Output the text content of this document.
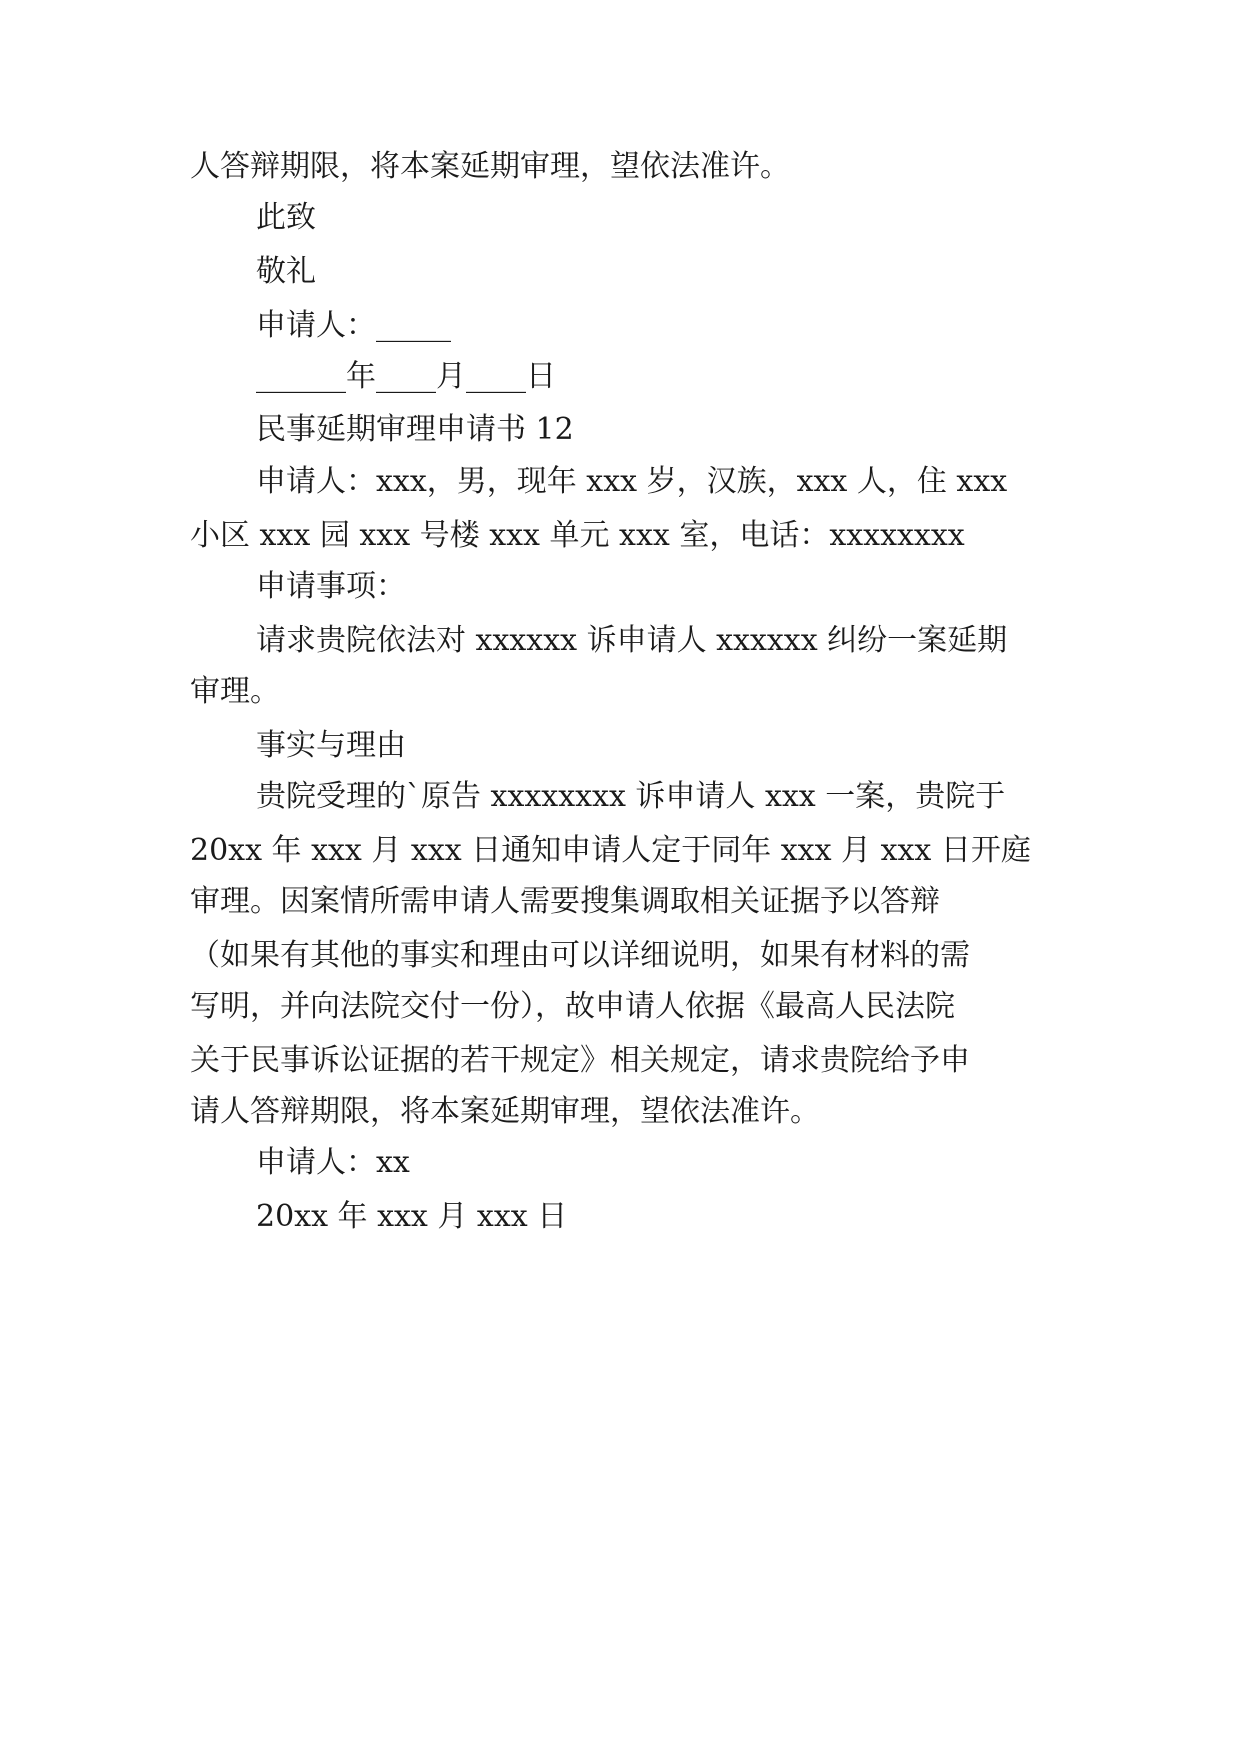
人答辩期限，将本案延期审理，望依法准许。
此致
敬礼
申请人：_____
______年____月____日
民事延期审理申请书 12
申请人：xxx，男，现年 xxx 岁，汉族，xxx 人，住 xxx
小区 xxx 园 xxx 号楼 xxx 单元 xxx 室，电话：xxxxxxxx
申请事项：
请求贵院依法对 xxxxxx 诉申请人 xxxxxx 纠纷一案延期
审理。
事实与理由
贵院受理的`原告 xxxxxxxx 诉申请人 xxx 一案，贵院于
20xx 年 xxx 月 xxx 日通知申请人定于同年 xxx 月 xxx 日开庭
审理。因案情所需申请人需要搜集调取相关证据予以答辩
（如果有其他的事实和理由可以详细说明，如果有材料的需
写明，并向法院交付一份），故申请人依据《最高人民法院
关于民事诉讼证据的若干规定》相关规定，请求贵院给予申
请人答辩期限，将本案延期审理，望依法准许。
申请人：xx
20xx 年 xxx 月 xxx 日
